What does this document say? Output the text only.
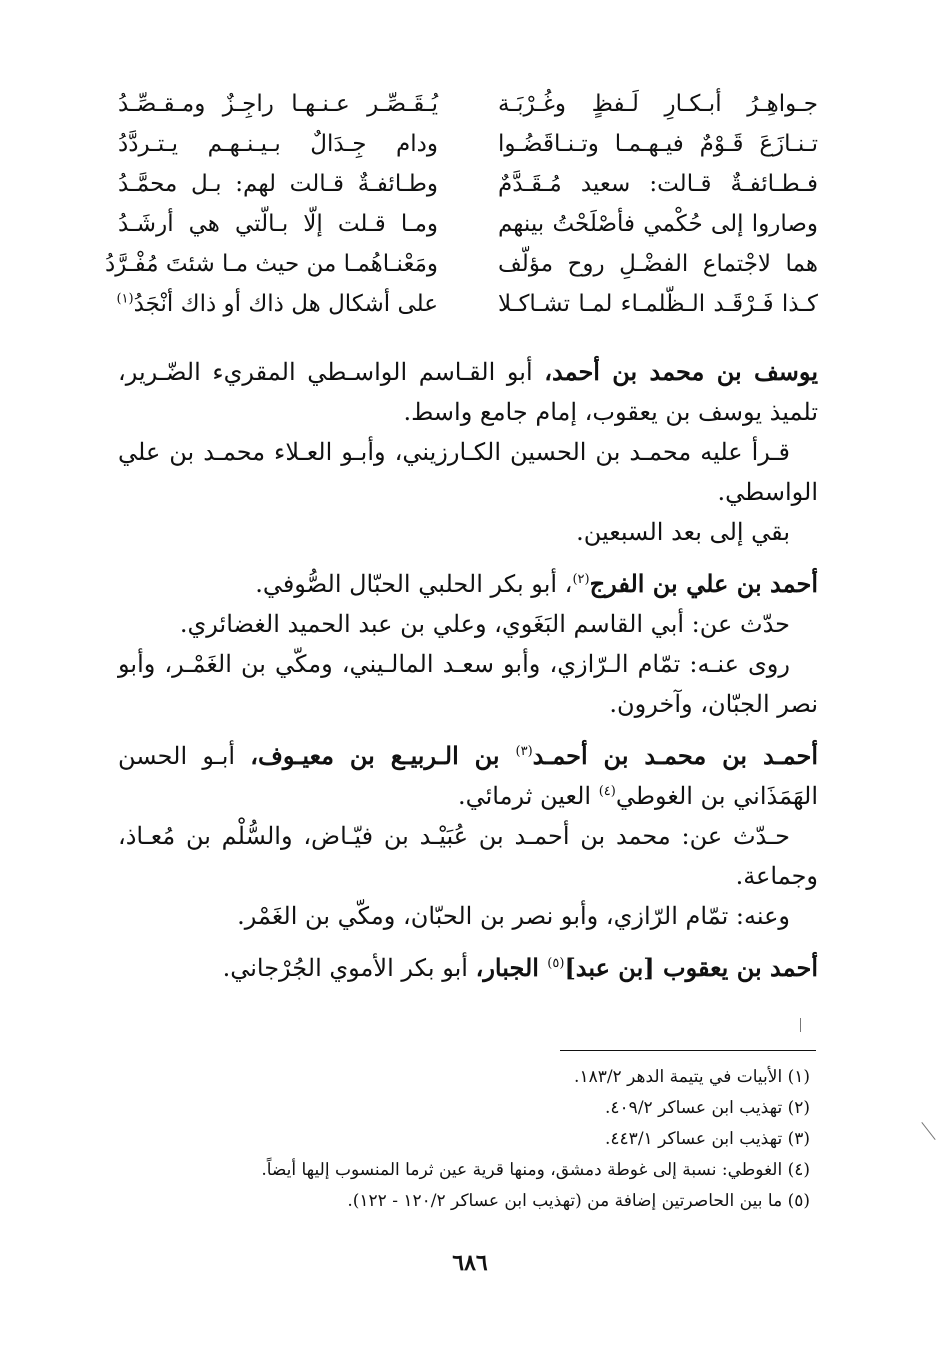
جـواهِـرُ أبـكـارِ لَـفظٍ وغُـرْبَـة
يُـقَـصِّـر عـنـهـا راجِـزٌ ومـقـصِّـدُ
تـنـازَعَ قَـوْمٌ فيـهـمـا وتـنـاقَضُـوا
ودام جِـدَالٌ بـيـنـهـم يـتـردَّدُ
فـطـائفـةٌ قـالت: سعيد مُـقَـدَّمٌ
وطـائفـةٌ قـالت لهم: بـل محمَّـدُ
وصاروا إلى حُكْمي فأصْلَحْتُ بينهم
ومـا قـلت إلّا بـالّتي هي أرشَـدُ
هما لاجْتماع الفضْـلِ روح مؤلّف
ومَعْنـاهُمـا من حيث مـا شئتَ مُفْـرَّدُ
كـذا فَـرْقَـد الـظّلمـاء لمـا تشـاكـلا
على أشكال هل ذاك أو ذاك أنْجَدُ$^{(١)}$

يوسف بن محمد بن أحمد، أبو القـاسم الواسـطي المقريء الضّـرير، تلميذ يوسف بن يعقوب، إمام جامع واسط.

قـرأ عليه محمـد بن الحسين الكـارزيني، وأبـو العـلاء محمـد بن علي الواسطي.

بقي إلى بعد السبعين.

أحمد بن علي بن الفرج$^{(٢)}$، أبو بكر الحلبي الحبّال الصُّوفي.

حدّث عن: أبي القاسم البَغَوي، وعلي بن عبد الحميد الغضائري.

روى عنـه: تمّام الـرّازي، وأبو سعـد المالـيني، ومكّي بن الغَمْـر، وأبو نصر الجبّان، وآخرون.

أحمـد بن محمـد بن أحمـد$^{(٣)}$ بن الـربيـع بن معيـوف، أبـو الحسن الهَمَذَاني بن الغوطي$^{(٤)}$ العين ثرمائي.

حـدّث عن: محمد بن أحمـد بن عُبَيْـد بن فيّـاض، والسُّلْم بن مُعـاذ، وجماعة.

وعنه: تمّام الرّازي، وأبو نصر بن الحبّان، ومكّي بن الغَمْر.

أحمد بن يعقوب [بن عبد]$^{(٥)}$ الجبار، أبو بكر الأموي الجُرْجاني.

(١) الأبيات في يتيمة الدهر ١٨٣/٢.
(٢) تهذيب ابن عساكر ٤٠٩/٢.
(٣) تهذيب ابن عساكر ٤٤٣/١.
(٤) الغوطي: نسبة إلى غوطة دمشق، ومنها قرية عين ثرما المنسوب إليها أيضاً.
(٥) ما بين الحاصرتين إضافة من (تهذيب ابن عساكر ١٢٠/٢ - ١٢٢).
٦٨٦
